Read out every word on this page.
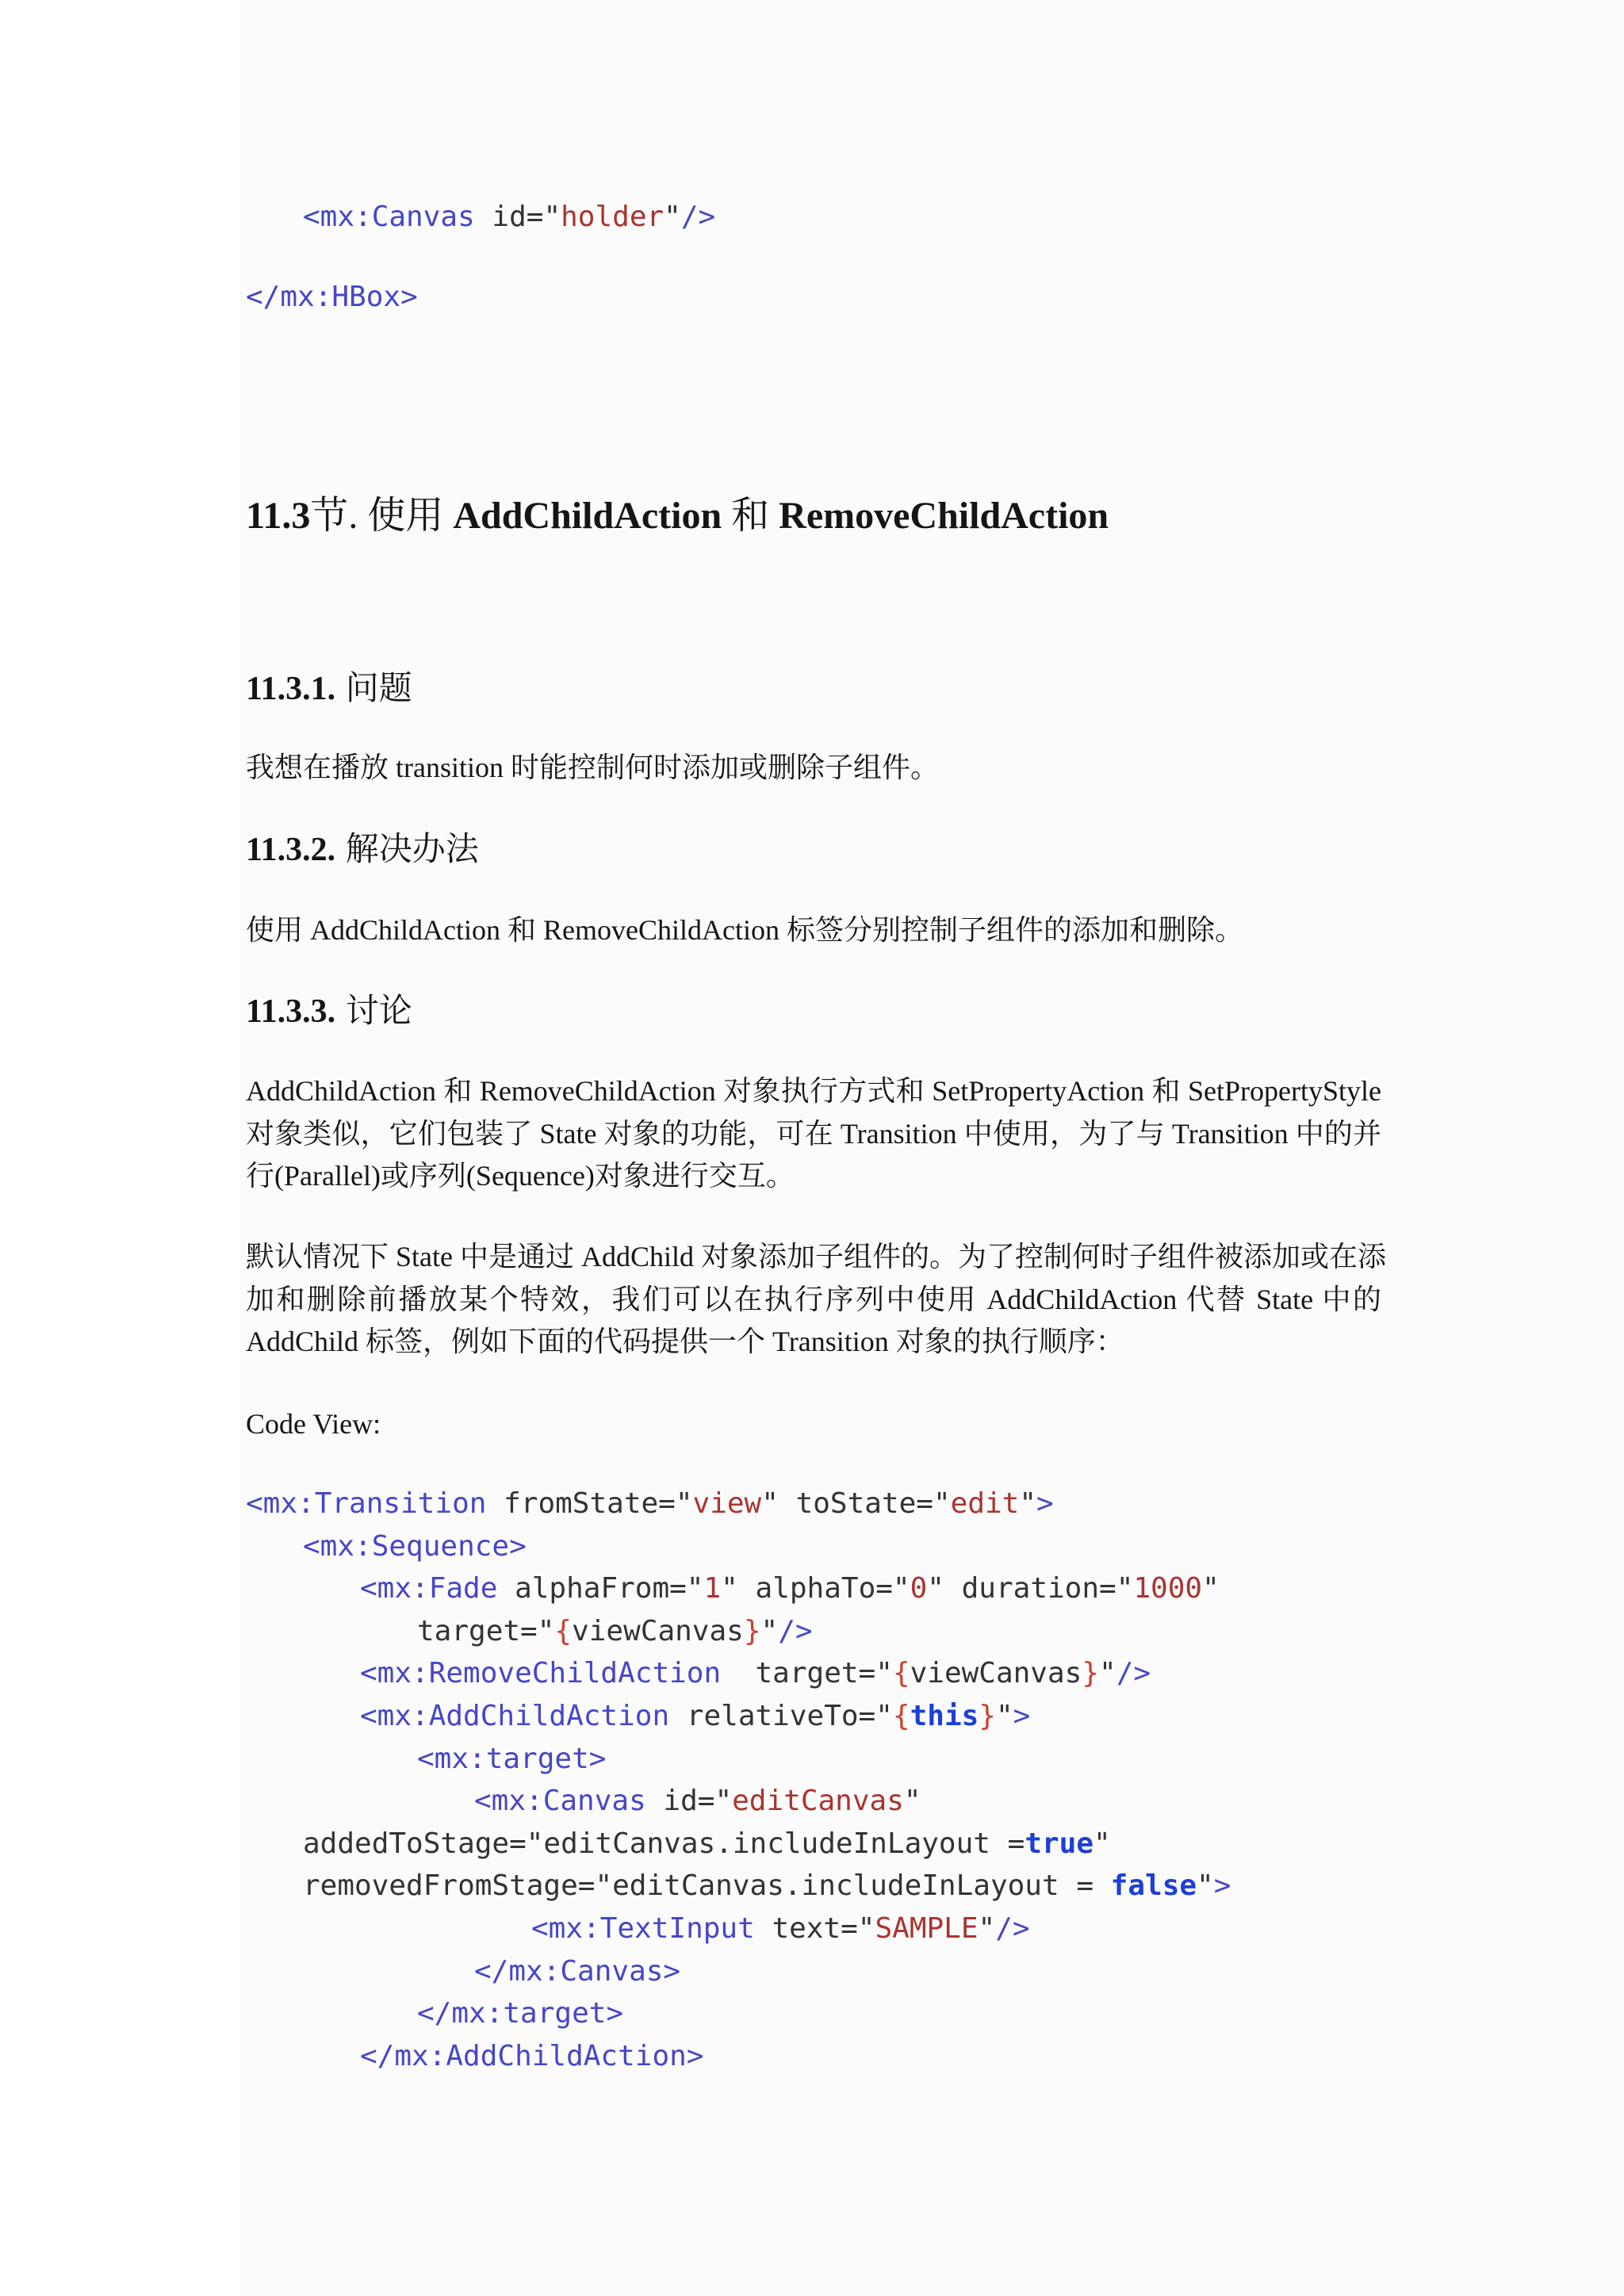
<mx:Canvas id="holder"/>
</mx:HBox>
11.3节. 使用 AddChildAction 和 RemoveChildAction
11.3.1. 问题
我想在播放 transition 时能控制何时添加或删除子组件。
11.3.2. 解决办法
使用 AddChildAction 和 RemoveChildAction 标签分别控制子组件的添加和删除。
11.3.3. 讨论
AddChildAction 和 RemoveChildAction 对象执行方式和 SetPropertyAction 和 SetPropertyStyle
对象类似，它们包装了 State 对象的功能，可在 Transition 中使用，为了与 Transition 中的并
行(Parallel)或序列(Sequence)对象进行交互。
默认情况下 State 中是通过 AddChild 对象添加子组件的。为了控制何时子组件被添加或在添
加和删除前播放某个特效，我们可以在执行序列中使用 AddChildAction 代替 State 中的
AddChild 标签，例如下面的代码提供一个 Transition 对象的执行顺序：
Code View:
<mx:Transition fromState="view" toState="edit">
<mx:Sequence>
<mx:Fade alphaFrom="1" alphaTo="0" duration="1000"
target="{viewCanvas}"/>
<mx:RemoveChildAction  target="{viewCanvas}"/>
<mx:AddChildAction relativeTo="{this}">
<mx:target>
<mx:Canvas id="editCanvas"
addedToStage="editCanvas.includeInLayout =true"
removedFromStage="editCanvas.includeInLayout = false">
<mx:TextInput text="SAMPLE"/>
</mx:Canvas>
</mx:target>
</mx:AddChildAction>
